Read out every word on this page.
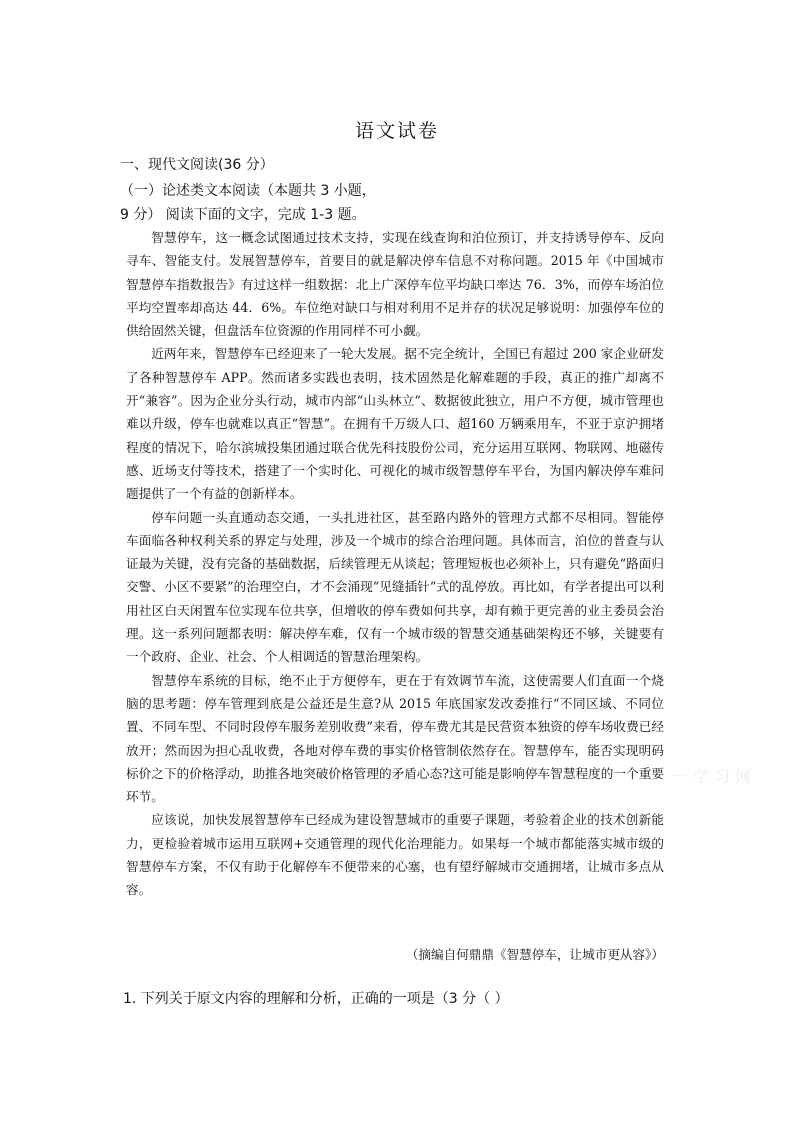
语文试卷
一、现代文阅读(36 分）
（一）论述类文本阅读（本题共 3 小题，
9 分） 阅读下面的文字，完成 1-3 题。

智慧停车，这一概念试图通过技术支持，实现在线查询和泊位预订，并支持诱导停车、反向寻车、智能支付。发展智慧停车，首要目的就是解决停车信息不对称问题。2015 年《中国城市智慧停车指数报告》有过这样一组数据：北上广深停车位平均缺口率达 76．3%，而停车场泊位平均空置率却高达 44．6%。车位绝对缺口与相对利用不足并存的状况足够说明：加强停车位的供给固然关键，但盘活车位资源的作用同样不可小觑。

近两年来，智慧停车已经迎来了一轮大发展。据不完全统计，全国已有超过 200 家企业研发了各种智慧停车 APP。然而诸多实践也表明，技术固然是化解难题的手段，真正的推广却离不开“兼容”。因为企业分头行动，城市内部“山头林立”、数据彼此独立，用户不方便，城市管理也难以升级，停车也就难以真正“智慧”。在拥有千万级人口、超160 万辆乘用车，不亚于京沪拥堵程度的情况下，哈尔滨城投集团通过联合优先科技股份公司，充分运用互联网、物联网、地磁传感、近场支付等技术，搭建了一个实时化、可视化的城市级智慧停车平台，为国内解决停车难问题提供了一个有益的创新样本。

停车问题一头直通动态交通，一头扎进社区，甚至路内路外的管理方式都不尽相同。智能停车面临各种权利关系的界定与处理，涉及一个城市的综合治理问题。具体而言，泊位的普查与认证最为关键，没有完备的基础数据，后续管理无从谈起；管理短板也必须补上，只有避免“路面归交警、小区不要紧”的治理空白，才不会涌现“见缝插针”式的乱停放。再比如，有学者提出可以利用社区白天闲置车位实现车位共享，但增收的停车费如何共享，却有赖于更完善的业主委员会治理。这一系列问题都表明：解决停车难，仅有一个城市级的智慧交通基础架构还不够，关键要有一个政府、企业、社会、个人相调适的智慧治理架构。

智慧停车系统的目标，绝不止于方便停车，更在于有效调节车流，这使需要人们直面一个烧脑的思考题：停车管理到底是公益还是生意?从 2015 年底国家发改委推行“不同区域、不同位置、不同车型、不同时段停车服务差别收费”来看，停车费尤其是民营资本独资的停车场收费已经放开；然而因为担心乱收费，各地对停车费的事实价格管制依然存在。智慧停车，能否实现明码标价之下的价格浮动，助推各地突破价格管理的矛盾心态?这可能是影响停车智慧程度的一个重要环节。

应该说，加快发展智慧停车已经成为建设智慧城市的重要子课题，考验着企业的技术创新能力，更检验着城市运用互联网+交通管理的现代化治理能力。如果每一个城市都能落实城市级的智慧停车方案，不仅有助于化解停车不便带来的心塞，也有望纾解城市交通拥堵，让城市多点从容。

（摘编自何鼎鼎《智慧停车，让城市更从容》）
1. 下列关于原文内容的理解和分析，正确的一项是（3 分（ ）
一 学 习 网
